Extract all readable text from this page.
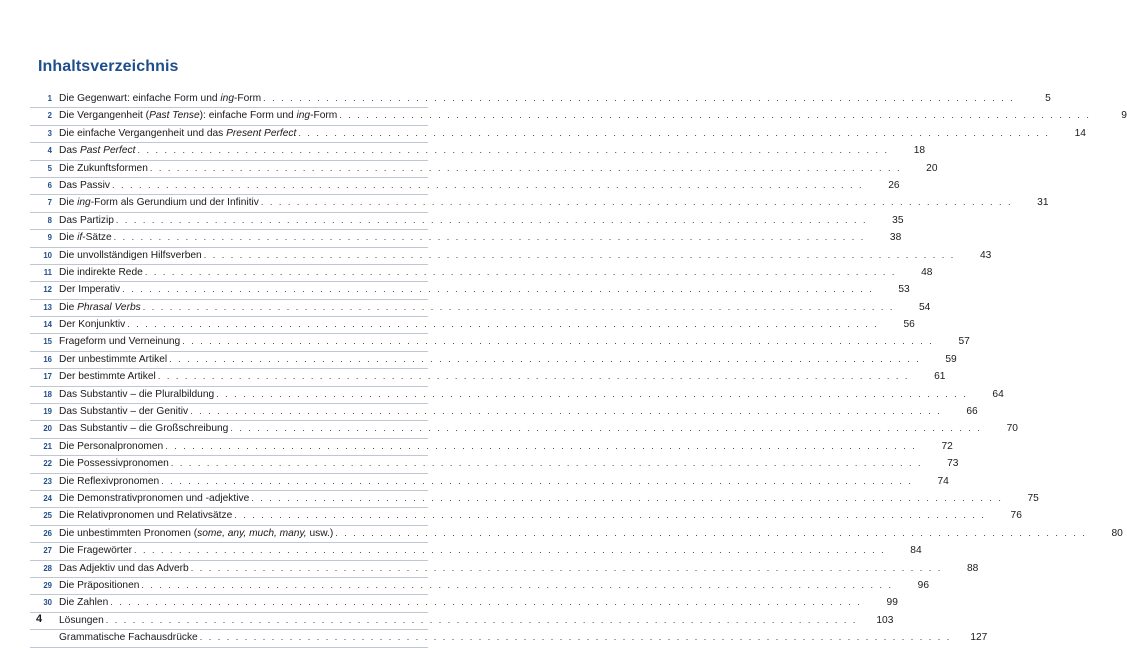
Inhaltsverzeichnis
1 Die Gegenwart: einfache Form und ing-Form . . .	5
2 Die Vergangenheit (Past Tense): einfache Form und ing-Form . . .	9
3 Die einfache Vergangenheit und das Present Perfect . . .	14
4 Das Past Perfect . . .	18
5 Die Zukunftsformen . . .	20
6 Das Passiv . . .	26
7 Die ing-Form als Gerundium und der Infinitiv . . .	31
8 Das Partizip . . .	35
9 Die if-Sätze . . .	38
10 Die unvollständigen Hilfsverben . . .	43
11 Die indirekte Rede . . .	48
12 Der Imperativ . . .	53
13 Die Phrasal Verbs . . .	54
14 Der Konjunktiv . . .	56
15 Frageform und Verneinung . . .	57
16 Der unbestimmte Artikel . . .	59
17 Der bestimmte Artikel . . .	61
18 Das Substantiv – die Pluralbildung . . .	64
19 Das Substantiv – der Genitiv . . .	66
20 Das Substantiv – die Großschreibung . . .	70
21 Die Personalpronomen . . .	72
22 Die Possessivpronomen . . .	73
23 Die Reflexivpronomen . . .	74
24 Die Demonstrativpronomen und -adjektive . . .	75
25 Die Relativpronomen und Relativsätze . . .	76
26 Die unbestimmten Pronomen (some, any, much, many, usw.) . . .	80
27 Die Fragewörter . . .	84
28 Das Adjektiv und das Adverb . . .	88
29 Die Präpositionen . . .	96
30 Die Zahlen . . .	99
Lösungen . . .	103
Grammatische Fachausdrücke . . .	127
4
